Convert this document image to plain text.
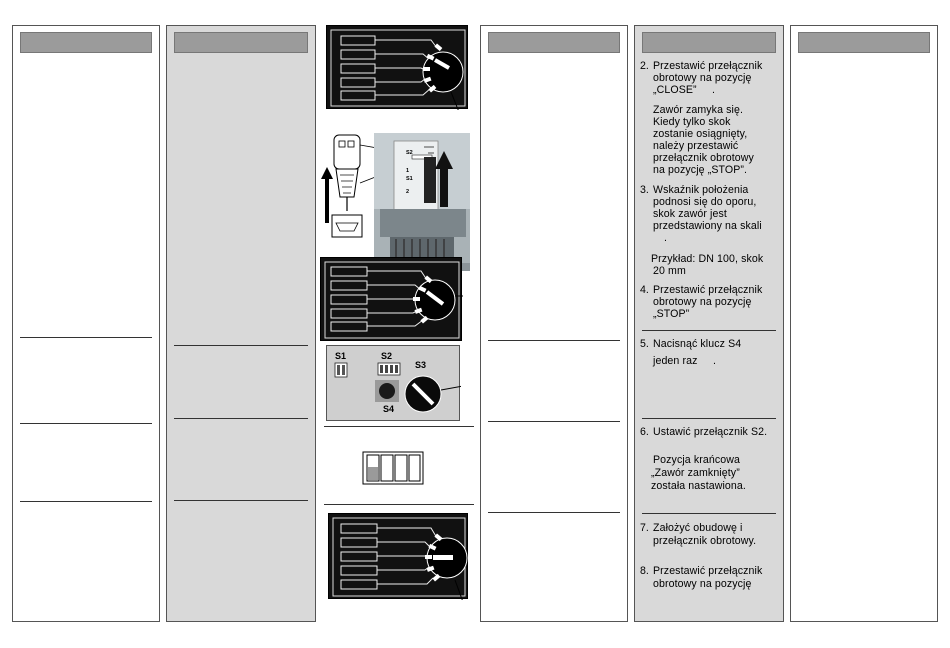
S2
S1
1
2
S1	S2
S3
S4
2. Przestawić przełącznik
obrotowy na pozycję
„CLOSE” .
Zawór zamyka się.
Kiedy tylko skok
zostanie osiągnięty,
należy przestawić
przełącznik obrotowy
na pozycję „STOP”.
3. Wskaźnik położenia
podnosi się do oporu,
skok zawór jest
przedstawiony na skali
.
Przykład: DN 100, skok
20 mm
4. Przestawić przełącznik
obrotowy na pozycję
„STOP”
5. Nacisnąć klucz S4
jeden raz .
6. Ustawić przełącznik S2.
Pozycja krańcowa
„Zawór zamknięty”
została nastawiona.
7. Założyć obudowę i
przełącznik obrotowy.
8. Przestawić przełącznik
obrotowy na pozycję
